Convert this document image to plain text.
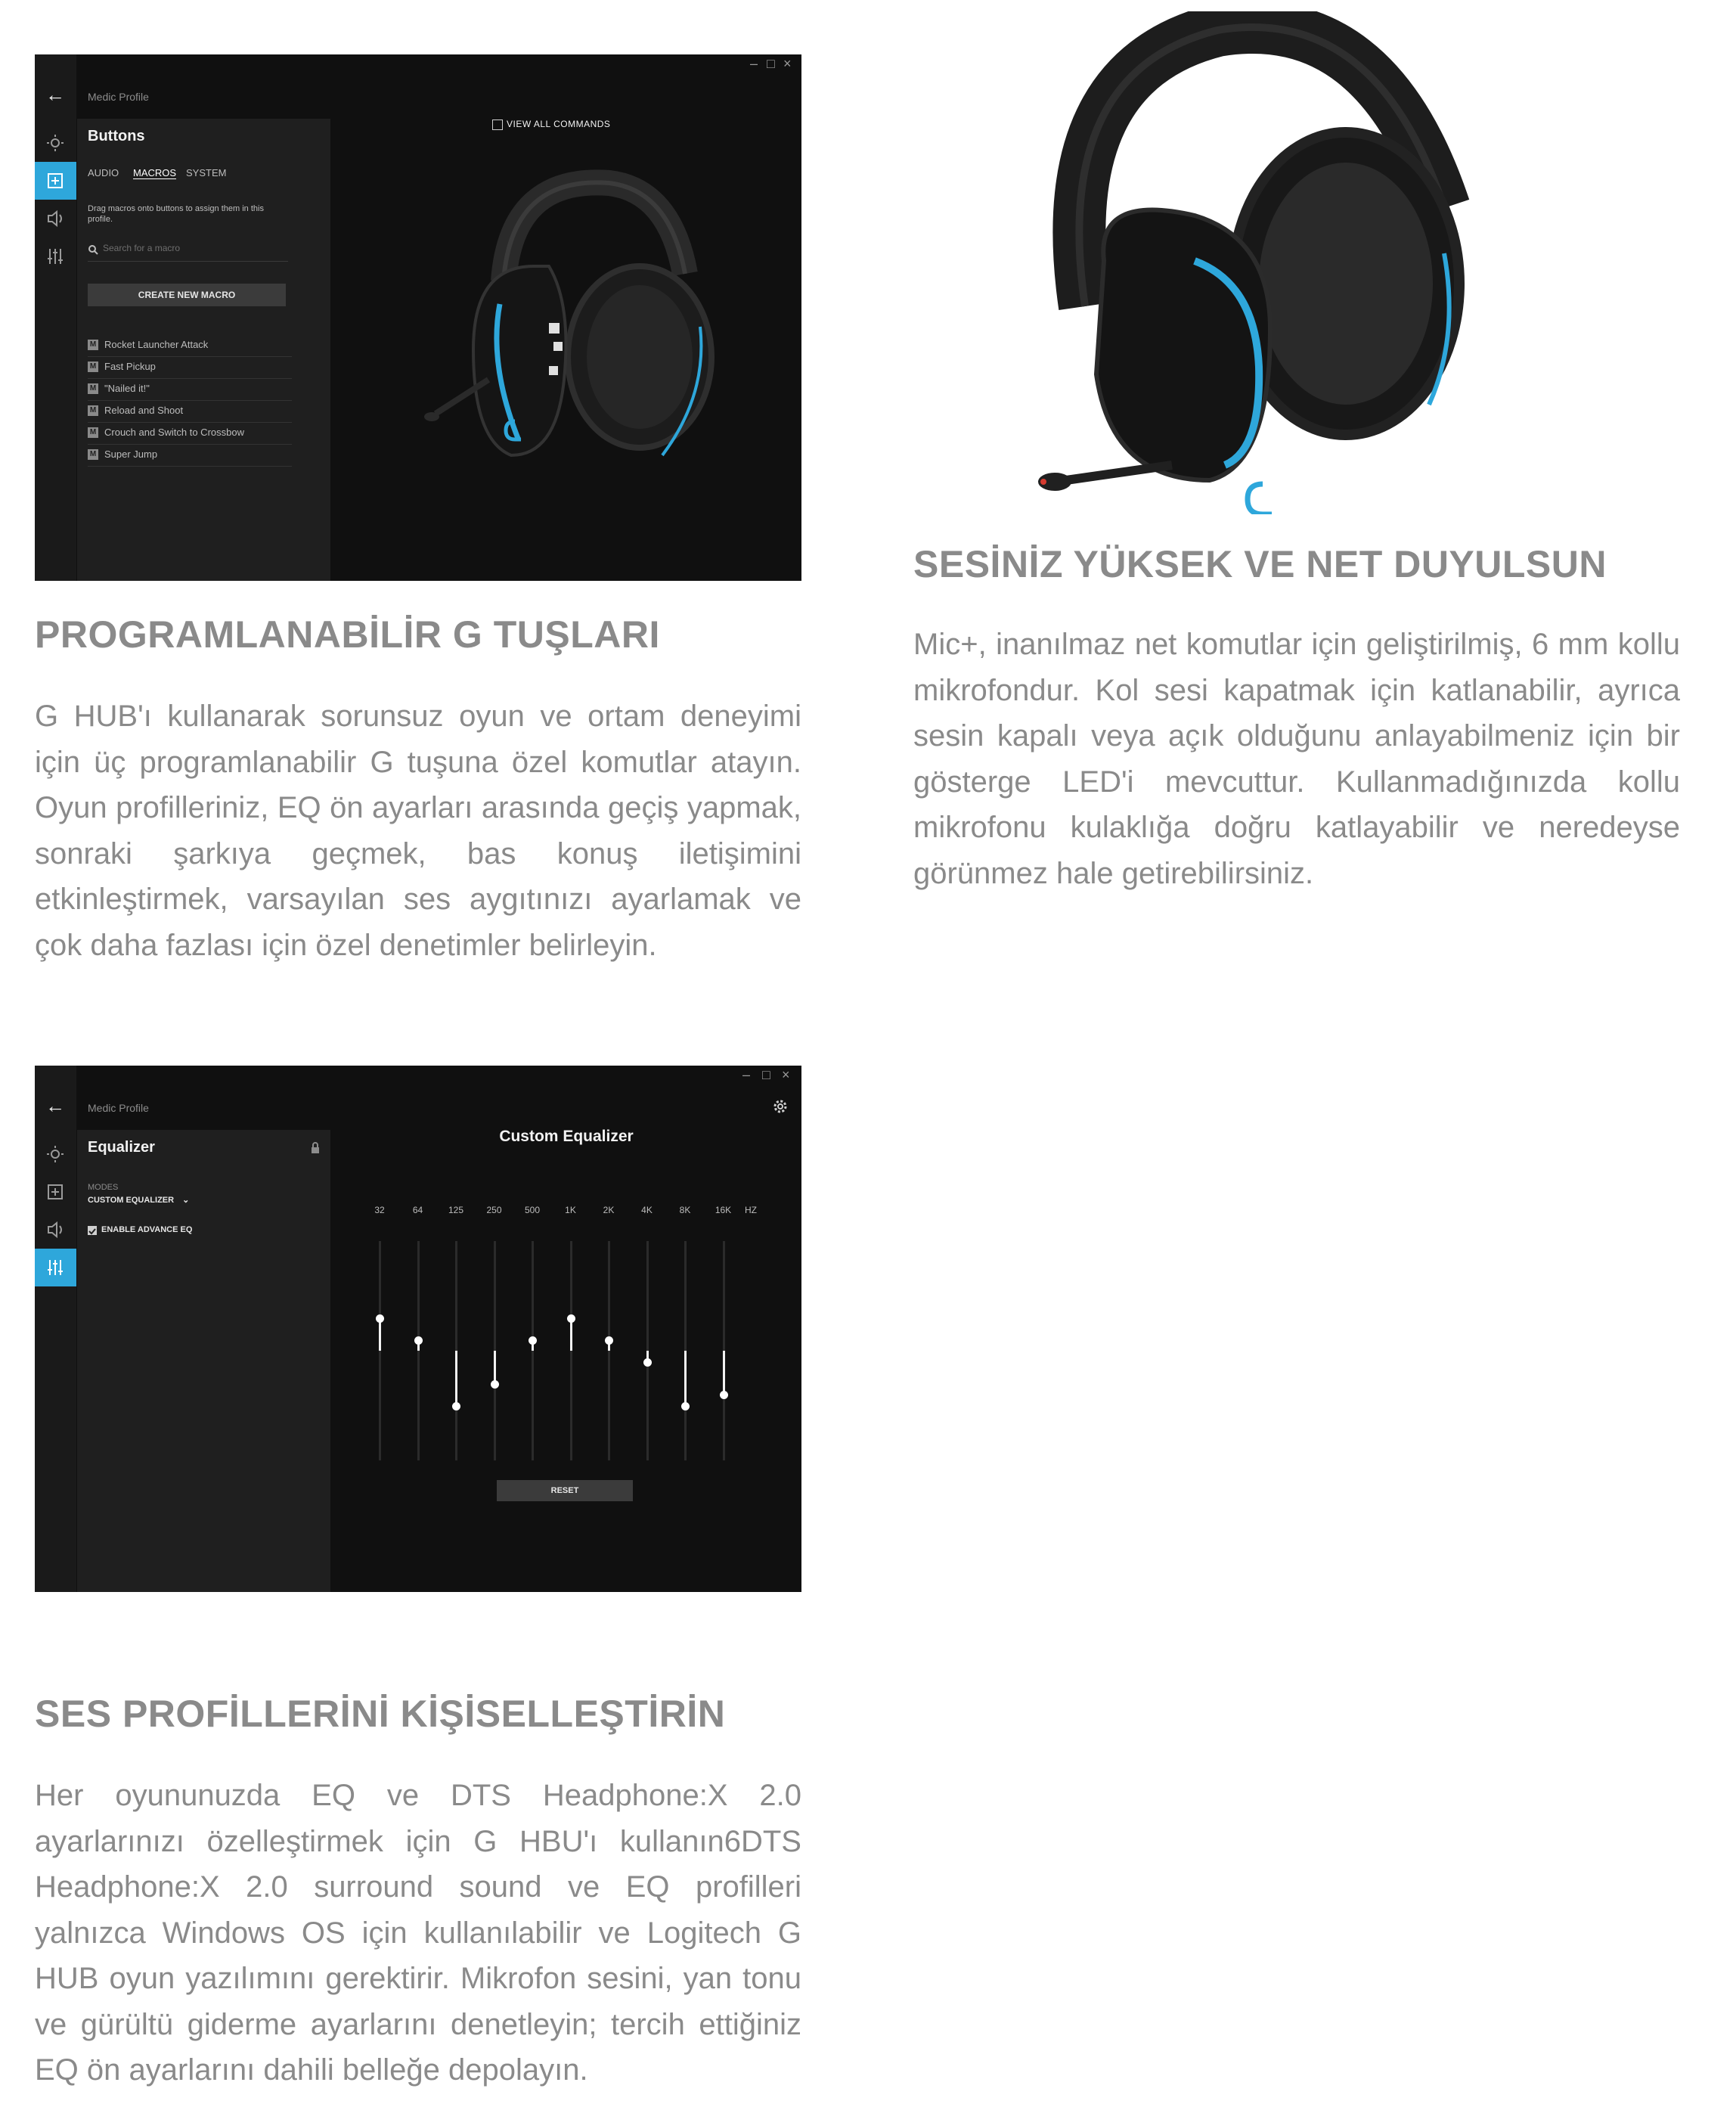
– □ ×
← Medic Profile
Buttons
AUDIO MACROS SYSTEM
Drag macros onto buttons to assign them in this profile.
Search for a macro
CREATE NEW MACRO
M Rocket Launcher Attack
M Fast Pickup
M "Nailed it!"
M Reload and Shoot
M Crouch and Switch to Crossbow
M Super Jump
VIEW ALL COMMANDS
PROGRAMLANABİLİR G TUŞLARI

G HUB'ı kullanarak sorunsuz oyun ve ortam deneyimi için üç programlanabilir G tuşuna özel komutlar atayın. Oyun profilleriniz, EQ ön ayarları arasında geçiş yapmak, sonraki şarkıya geçmek, bas konuş iletişimini etkinleştirmek, varsayılan ses aygıtınızı ayarlamak ve çok daha fazlası için özel denetimler belirleyin.

SESİNİZ YÜKSEK VE NET DUYULSUN

Mic+, inanılmaz net komutlar için geliştirilmiş, 6 mm kollu mikrofondur. Kol sesi kapatmak için katlanabilir, ayrıca sesin kapalı veya açık olduğunu anlayabilmeniz için bir gösterge LED'i mevcuttur. Kullanmadığınızda kollu mikrofonu kulaklığa doğru katlayabilir ve neredeyse görünmez hale getirebilirsiniz.

– □ ×
← Medic Profile
Equalizer
MODES
CUSTOM EQUALIZER ⌄
ENABLE ADVANCE EQ
Custom Equalizer
32	64	125	250	500	1K	2K	4K	8K	16K	HZ
RESET
SES PROFİLLERİNİ KİŞİSELLEŞTİRİN

Her oyununuzda EQ ve DTS Headphone:X 2.0 ayarlarınızı özelleştirmek için G HBU'ı kullanın6DTS Headphone:X 2.0 surround sound ve EQ profilleri yalnızca Windows OS için kullanılabilir ve Logitech G HUB oyun yazılımını gerektirir. Mikrofon sesini, yan tonu ve gürültü giderme ayarlarını denetleyin; tercih ettiğiniz EQ ön ayarlarını dahili belleğe depolayın.
